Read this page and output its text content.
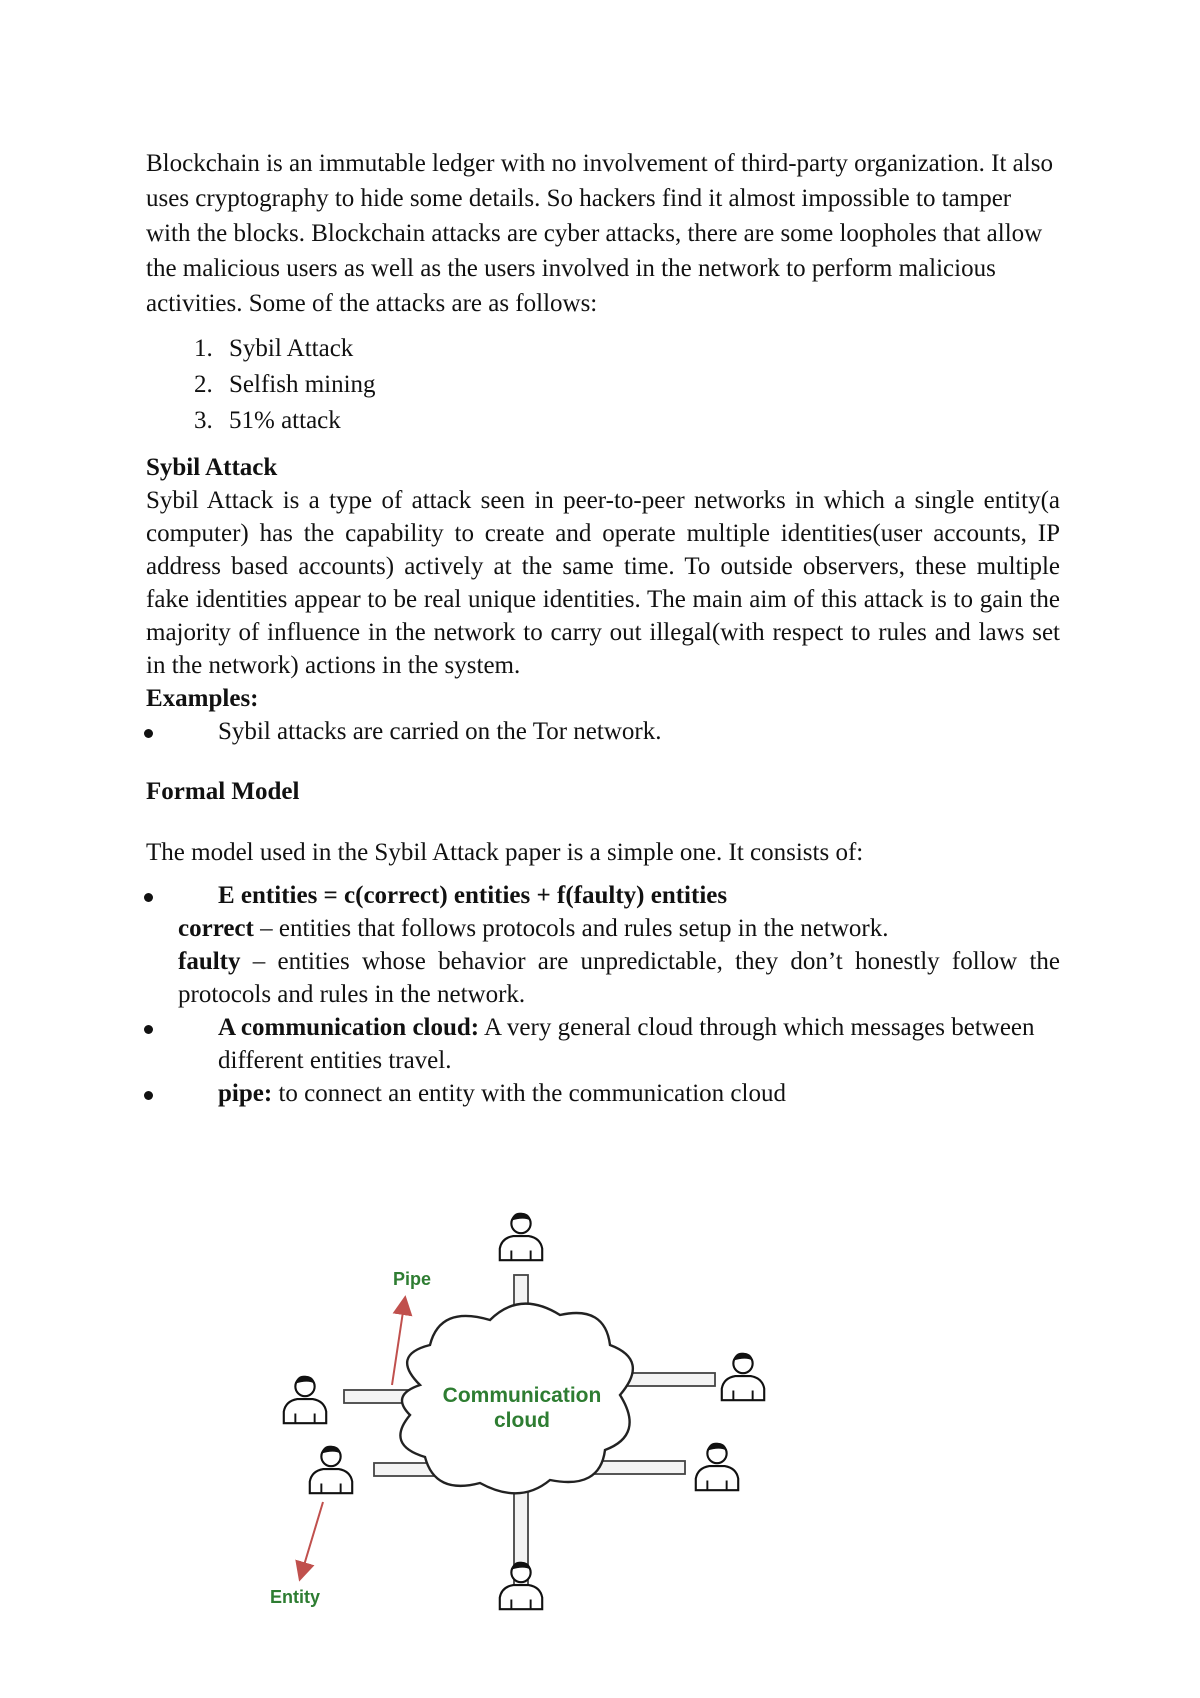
Blockchain is an immutable ledger with no involvement of third-party organization. It also uses cryptography to hide some details. So hackers find it almost impossible to tamper with the blocks. Blockchain attacks are cyber attacks, there are some loopholes that allow the malicious users as well as the users involved in the network to perform malicious activities. Some of the attacks are as follows:

1. Sybil Attack
2. Selfish mining
3. 51% attack

Sybil Attack

Sybil Attack is a type of attack seen in peer-to-peer networks in which a single entity(a computer) has the capability to create and operate multiple identities(user accounts, IP address based accounts) actively at the same time. To outside observers, these multiple fake identities appear to be real unique identities. The main aim of this attack is to gain the majority of influence in the network to carry out illegal(with respect to rules and laws set in the network) actions in the system.

Examples:

Sybil attacks are carried on the Tor network.

Formal Model

The model used in the Sybil Attack paper is a simple one. It consists of:

E entities = c(correct) entities + f(faulty) entities
correct – entities that follows protocols and rules setup in the network.
faulty – entities whose behavior are unpredictable, they don’t honestly follow the protocols and rules in the network.
A communication cloud: A very general cloud through which messages between different entities travel.
pipe: to connect an entity with the communication cloud
Communication
cloud
Pipe
Entity
